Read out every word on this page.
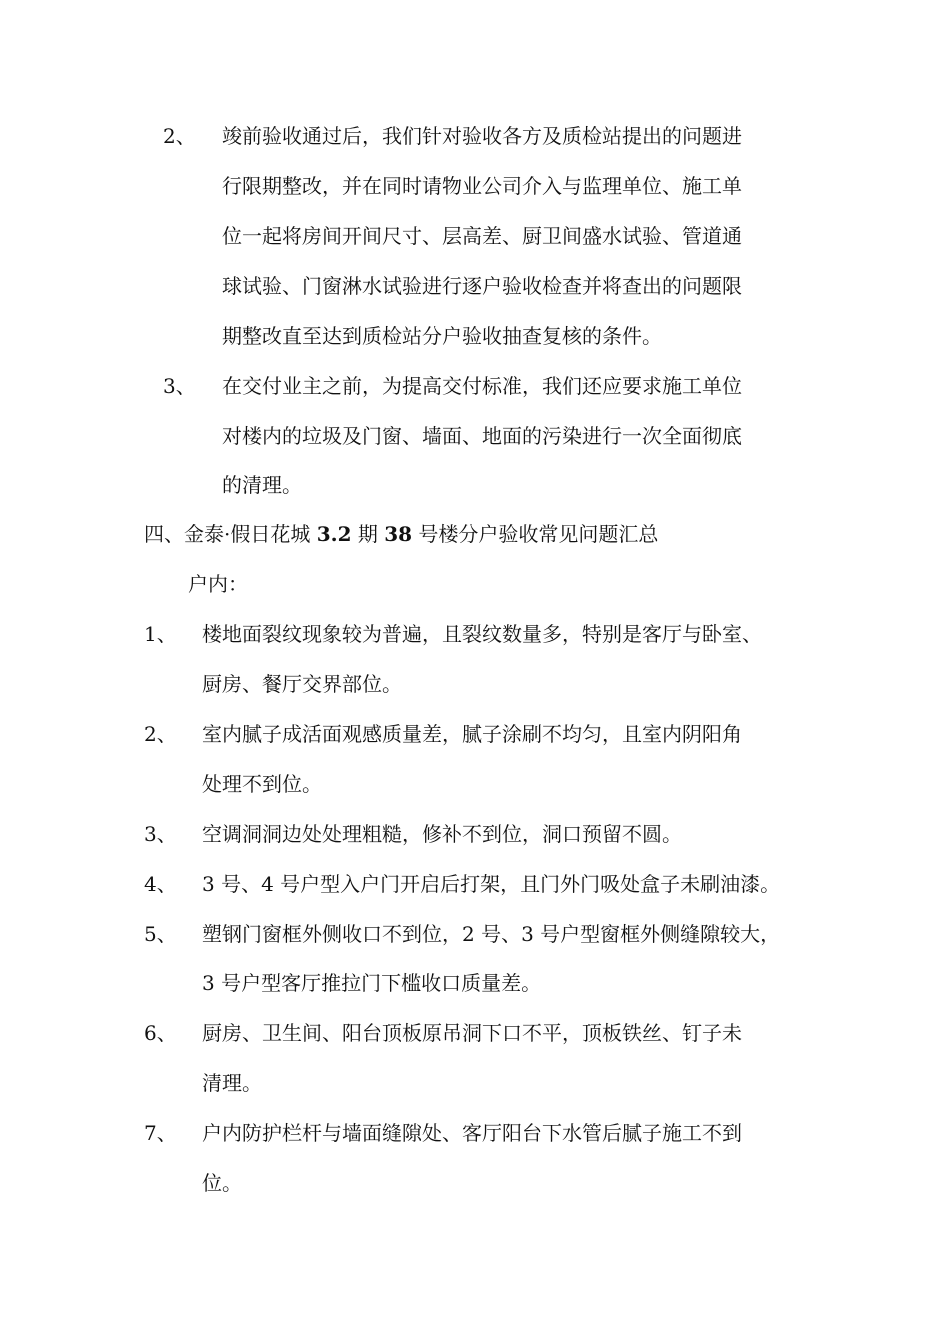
2、 竣前验收通过后，我们针对验收各方及质检站提出的问题进
行限期整改，并在同时请物业公司介入与监理单位、施工单
位一起将房间开间尺寸、层高差、厨卫间盛水试验、管道通
球试验、门窗淋水试验进行逐户验收检查并将查出的问题限
期整改直至达到质检站分户验收抽查复核的条件。
3、 在交付业主之前，为提高交付标准，我们还应要求施工单位
对楼内的垃圾及门窗、墙面、地面的污染进行一次全面彻底
的清理。
四、金泰·假日花城 3.2 期 38 号楼分户验收常见问题汇总
户内：
1、 楼地面裂纹现象较为普遍，且裂纹数量多，特别是客厅与卧室、
厨房、餐厅交界部位。
2、 室内腻子成活面观感质量差，腻子涂刷不均匀，且室内阴阳角
处理不到位。
3、 空调洞洞边处处理粗糙，修补不到位，洞口预留不圆。
4、 3 号、4 号户型入户门开启后打架，且门外门吸处盒子未刷油漆。
5、 塑钢门窗框外侧收口不到位，2 号、3 号户型窗框外侧缝隙较大，
3 号户型客厅推拉门下槛收口质量差。
6、 厨房、卫生间、阳台顶板原吊洞下口不平，顶板铁丝、钉子未
清理。
7、 户内防护栏杆与墙面缝隙处、客厅阳台下水管后腻子施工不到
位。
